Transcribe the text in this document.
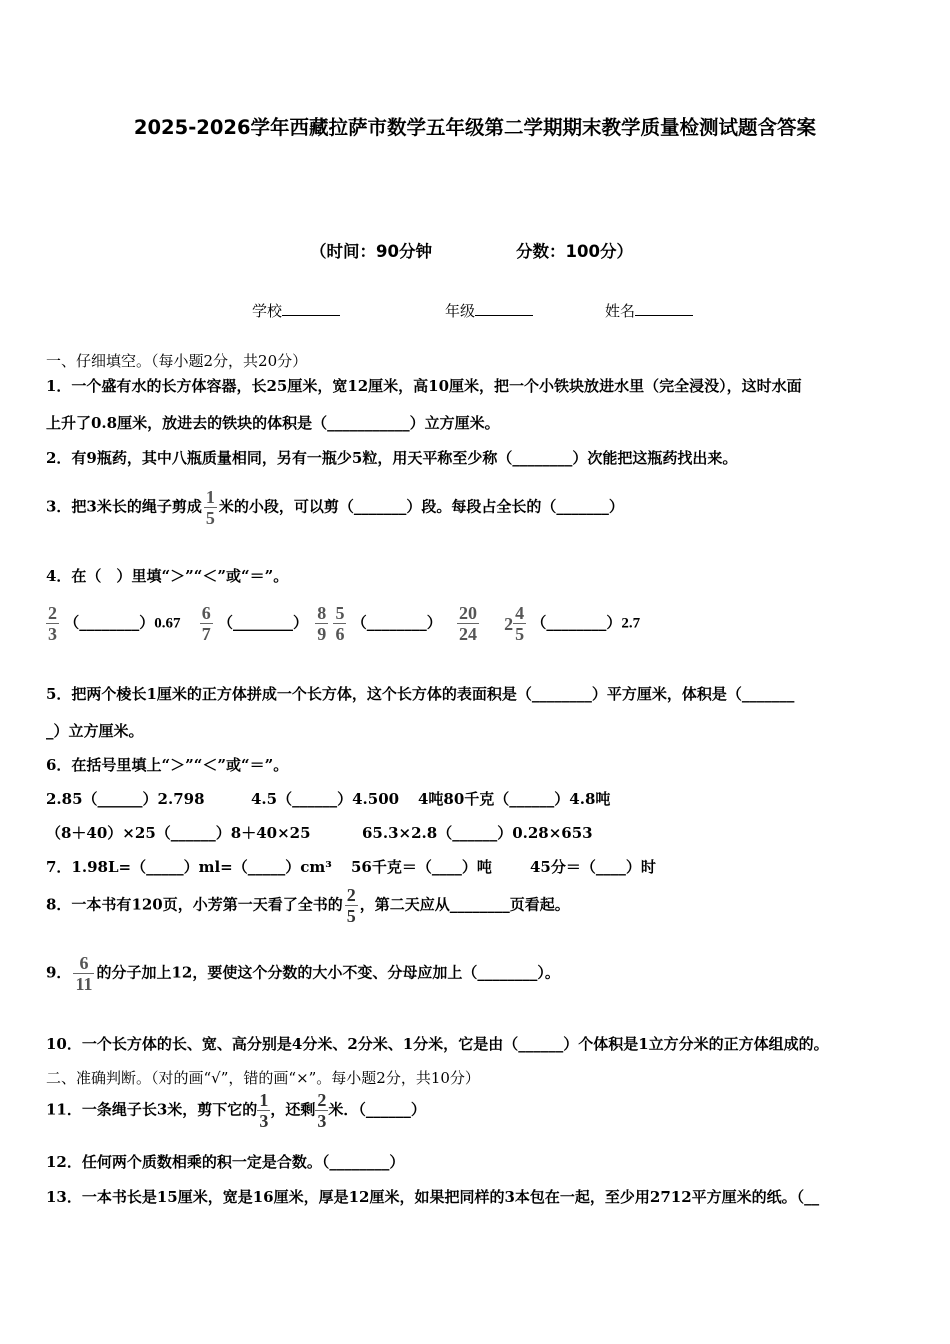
2025-2026学年西藏拉萨市数学五年级第二学期期末教学质量检测试题含答案
（时间：90分钟	分数：100分）
学校	年级	姓名
一、仔细填空。（每小题2分，共20分）
1．一个盛有水的长方体容器，长25厘米，宽12厘米，高10厘米，把一个小铁块放进水里（完全浸没），这时水面
上升了0.8厘米，放进去的铁块的体积是（___________）立方厘米。
2．有9瓶药，其中八瓶质量相同，另有一瓶少5粒，用天平称至少称（________）次能把这瓶药找出来。
3．把3米长的绳子剪成 $\frac{1}{5}$ 米的小段，可以剪（_______）段。每段占全长的（_______）
4．在（　）里填“＞”“＜”或“＝”。
$\frac{2}{3}$ （________）0.67 $\frac{6}{7}$ （________） $\frac{8}{9}$
$\frac{5}{6}$ （________） $\frac{20}{24} 2 \frac{4}{5}$ （________）2.7
5．把两个棱长1厘米的正方体拼成一个长方体，这个长方体的表面积是（________）平方厘米，体积是（_______
_）立方厘米。
6．在括号里填上“＞”“＜”或“＝”。
2.85（______）2.798	4.5（______）4.500 4吨80千克（______）4.8吨
（8＋40）×25（______）8＋40×25	65.3×2.8（______）0.28×653
7．1.98L=（_____）ml=（_____）cm³ 56千克＝（____）吨	45分＝（____）时
8．一本书有120页，小芳第一天看了全书的 $\frac{2}{5}$ ，第二天应从________页看起。
9． $\frac{6}{11}$ 的分子加上12，要使这个分数的大小不变、分母应加上（________）。
10．一个长方体的长、宽、高分别是4分米、2分米、1分米，它是由（______）个体积是1立方分米的正方体组成的。
二、准确判断。（对的画“√”，错的画“×”。每小题2分，共10分）
11．一条绳子长3米，剪下它的 $\frac{1}{3}$ ，还剩 $\frac{2}{3}$ 米．（______）
12．任何两个质数相乘的积一定是合数。（________）
13．一本书长是15厘米，宽是16厘米，厚是12厘米，如果把同样的3本包在一起，至少用2712平方厘米的纸。（__
